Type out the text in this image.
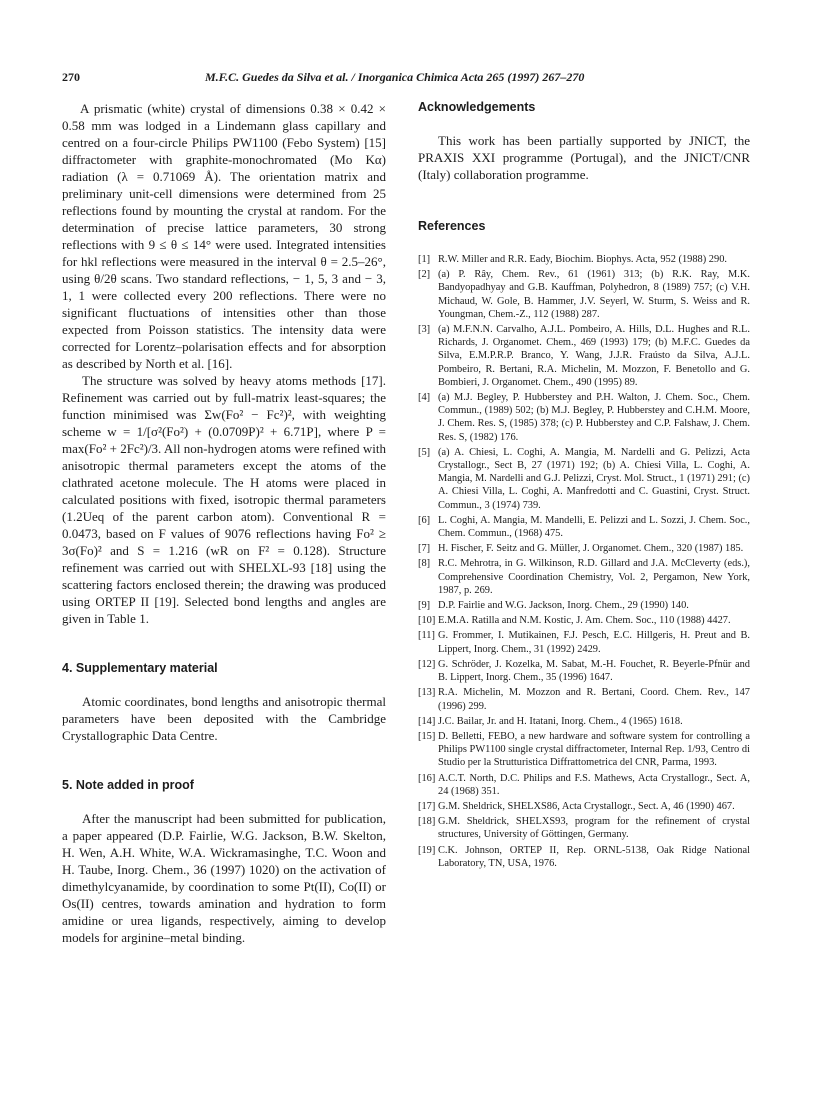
270	M.F.C. Guedes da Silva et al. / Inorganica Chimica Acta 265 (1997) 267–270

A prismatic (white) crystal of dimensions 0.38 × 0.42 × 0.58 mm was lodged in a Lindemann glass capillary and centred on a four-circle Philips PW1100 (Febo System) [15] diffractometer with graphite-monochromated (Mo Kα) radiation (λ = 0.71069 Å). The orientation matrix and preliminary unit-cell dimensions were determined from 25 reflections found by mounting the crystal at random. For the determination of precise lattice parameters, 30 strong reflections with 9 ≤ θ ≤ 14° were used. Integrated intensities for hkl reflections were measured in the interval θ = 2.5–26°, using θ/2θ scans. Two standard reflections, − 1, 5, 3 and − 3, 1, 1 were collected every 200 reflections. There were no significant fluctuations of intensities other than those expected from Poisson statistics. The intensity data were corrected for Lorentz–polarisation effects and for absorption as described by North et al. [16].

The structure was solved by heavy atoms methods [17]. Refinement was carried out by full-matrix least-squares; the function minimised was Σw(Fo² − Fc²)², with weighting scheme w = 1/[σ²(Fo²) + (0.0709P)² + 6.71P], where P = max(Fo² + 2Fc²)/3. All non-hydrogen atoms were refined with anisotropic thermal parameters except the atoms of the clathrated acetone molecule. The H atoms were placed in calculated positions with fixed, isotropic thermal parameters (1.2Ueq of the parent carbon atom). Conventional R = 0.0473, based on F values of 9076 reflections having Fo² ≥ 3σ(Fo)² and S = 1.216 (wR on F² = 0.128). Structure refinement was carried out with SHELXL-93 [18] using the scattering factors enclosed therein; the drawing was produced using ORTEP II [19]. Selected bond lengths and angles are given in Table 1.

4. Supplementary material

Atomic coordinates, bond lengths and anisotropic thermal parameters have been deposited with the Cambridge Crystallographic Data Centre.

5. Note added in proof

After the manuscript had been submitted for publication, a paper appeared (D.P. Fairlie, W.G. Jackson, B.W. Skelton, H. Wen, A.H. White, W.A. Wickramasinghe, T.C. Woon and H. Taube, Inorg. Chem., 36 (1997) 1020) on the activation of dimethylcyanamide, by coordination to some Pt(II), Co(II) or Os(II) centres, towards amination and hydration to form amidine or urea ligands, respectively, aiming to develop models for arginine–metal binding.

Acknowledgements

This work has been partially supported by JNICT, the PRAXIS XXI programme (Portugal), and the JNICT/CNR (Italy) collaboration programme.

References
[1] R.W. Miller and R.R. Eady, Biochim. Biophys. Acta, 952 (1988) 290.
[2] (a) P. Rây, Chem. Rev., 61 (1961) 313; (b) R.K. Ray, M.K. Bandyopadhyay and G.B. Kauffman, Polyhedron, 8 (1989) 757; (c) V.H. Michaud, W. Gole, B. Hammer, J.V. Seyerl, W. Sturm, S. Weiss and R. Youngman, Chem.-Z., 112 (1988) 287.
[3] (a) M.F.N.N. Carvalho, A.J.L. Pombeiro, A. Hills, D.L. Hughes and R.L. Richards, J. Organomet. Chem., 469 (1993) 179; (b) M.F.C. Guedes da Silva, E.M.P.R.P. Branco, Y. Wang, J.J.R. Fraústo da Silva, A.J.L. Pombeiro, R. Bertani, R.A. Michelin, M. Mozzon, F. Benetollo and G. Bombieri, J. Organomet. Chem., 490 (1995) 89.
[4] (a) M.J. Begley, P. Hubberstey and P.H. Walton, J. Chem. Soc., Chem. Commun., (1989) 502; (b) M.J. Begley, P. Hubberstey and C.H.M. Moore, J. Chem. Res. S, (1985) 378; (c) P. Hubberstey and C.P. Falshaw, J. Chem. Res. S, (1982) 176.
[5] (a) A. Chiesi, L. Coghi, A. Mangia, M. Nardelli and G. Pelizzi, Acta Crystallogr., Sect B, 27 (1971) 192; (b) A. Chiesi Villa, L. Coghi, A. Mangia, M. Nardelli and G.J. Pelizzi, Cryst. Mol. Struct., 1 (1971) 291; (c) A. Chiesi Villa, L. Coghi, A. Manfredotti and C. Guastini, Cryst. Struct. Commun., 3 (1974) 739.
[6] L. Coghi, A. Mangia, M. Mandelli, E. Pelizzi and L. Sozzi, J. Chem. Soc., Chem. Commun., (1968) 475.
[7] H. Fischer, F. Seitz and G. Müller, J. Organomet. Chem., 320 (1987) 185.
[8] R.C. Mehrotra, in G. Wilkinson, R.D. Gillard and J.A. McCleverty (eds.), Comprehensive Coordination Chemistry, Vol. 2, Pergamon, New York, 1987, p. 269.
[9] D.P. Fairlie and W.G. Jackson, Inorg. Chem., 29 (1990) 140.
[10] E.M.A. Ratilla and N.M. Kostic, J. Am. Chem. Soc., 110 (1988) 4427.
[11] G. Frommer, I. Mutikainen, F.J. Pesch, E.C. Hillgeris, H. Preut and B. Lippert, Inorg. Chem., 31 (1992) 2429.
[12] G. Schröder, J. Kozelka, M. Sabat, M.-H. Fouchet, R. Beyerle-Pfnür and B. Lippert, Inorg. Chem., 35 (1996) 1647.
[13] R.A. Michelin, M. Mozzon and R. Bertani, Coord. Chem. Rev., 147 (1996) 299.
[14] J.C. Bailar, Jr. and H. Itatani, Inorg. Chem., 4 (1965) 1618.
[15] D. Belletti, FEBO, a new hardware and software system for controlling a Philips PW1100 single crystal diffractometer, Internal Rep. 1/93, Centro di Studio per la Strutturistica Diffrattometrica del CNR, Parma, 1993.
[16] A.C.T. North, D.C. Philips and F.S. Mathews, Acta Crystallogr., Sect. A, 24 (1968) 351.
[17] G.M. Sheldrick, SHELXS86, Acta Crystallogr., Sect. A, 46 (1990) 467.
[18] G.M. Sheldrick, SHELXS93, program for the refinement of crystal structures, University of Göttingen, Germany.
[19] C.K. Johnson, ORTEP II, Rep. ORNL-5138, Oak Ridge National Laboratory, TN, USA, 1976.
